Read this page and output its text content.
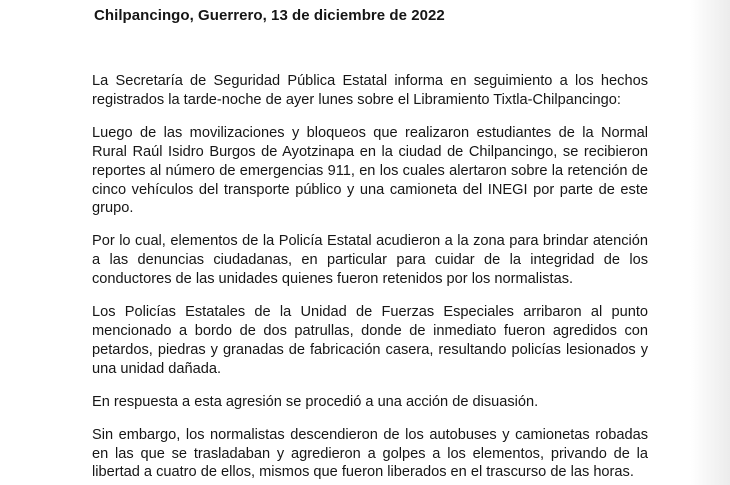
Chilpancingo, Guerrero, 13 de diciembre de 2022

La Secretaría de Seguridad Pública Estatal informa en seguimiento a los hechos registrados la tarde-noche de ayer lunes sobre el Libramiento Tixtla-Chilpancingo:

Luego de las movilizaciones y bloqueos que realizaron estudiantes de la Normal Rural Raúl Isidro Burgos de Ayotzinapa en la ciudad de Chilpancingo, se recibieron reportes al número de emergencias 911, en los cuales alertaron sobre la retención de cinco vehículos del transporte público y una camioneta del INEGI por parte de este grupo.

Por lo cual, elementos de la Policía Estatal acudieron a la zona para brindar atención a las denuncias ciudadanas, en particular para cuidar de la integridad de los conductores de las unidades quienes fueron retenidos por los normalistas.

Los Policías Estatales de la Unidad de Fuerzas Especiales arribaron al punto mencionado a bordo de dos patrullas, donde de inmediato fueron agredidos con petardos, piedras y granadas de fabricación casera, resultando policías lesionados y una unidad dañada.

En respuesta a esta agresión se procedió a una acción de disuasión.

Sin embargo, los normalistas descendieron de los autobuses y camionetas robadas en las que se trasladaban y agredieron a golpes a los elementos, privando de la libertad a cuatro de ellos, mismos que fueron liberados en el trascurso de las horas.
